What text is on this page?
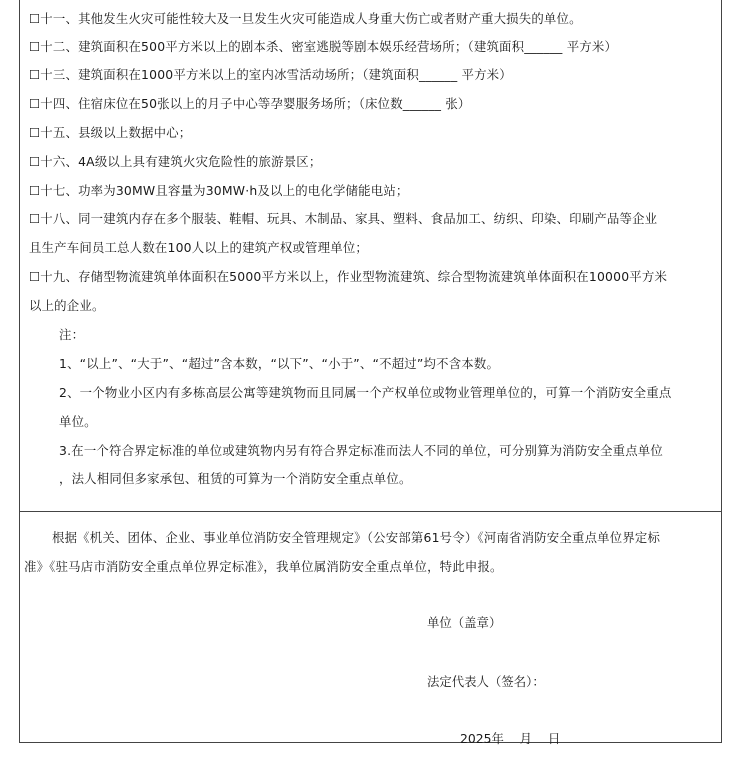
☐十一、其他发生火灾可能性较大及一旦发生火灾可能造成人身重大伤亡或者财产重大损失的单位。
☐十二、建筑面积在500平方米以上的剧本杀、密室逃脱等剧本娱乐经营场所；（建筑面积______ 平方米）
☐十三、建筑面积在1000平方米以上的室内冰雪活动场所；（建筑面积______ 平方米）
☐十四、住宿床位在50张以上的月子中心等孕婴服务场所；（床位数______ 张）
☐十五、县级以上数据中心；
☐十六、4A级以上具有建筑火灾危险性的旅游景区；
☐十七、功率为30MW且容量为30MW·h及以上的电化学储能电站；
☐十八、同一建筑内存在多个服装、鞋帽、玩具、木制品、家具、塑料、食品加工、纺织、印染、印刷产品等企业
且生产车间员工总人数在100人以上的建筑产权或管理单位；
☐十九、存储型物流建筑单体面积在5000平方米以上，作业型物流建筑、综合型物流建筑单体面积在10000平方米
以上的企业。
注：
1、“以上”、“大于”、“超过”含本数，“以下”、“小于”、“不超过”均不含本数。
2、一个物业小区内有多栋高层公寓等建筑物而且同属一个产权单位或物业管理单位的，可算一个消防安全重点
单位。
3.在一个符合界定标准的单位或建筑物内另有符合界定标准而法人不同的单位，可分别算为消防安全重点单位
，法人相同但多家承包、租赁的可算为一个消防安全重点单位。
根据《机关、团体、企业、事业单位消防安全管理规定》（公安部第61号令）《河南省消防安全重点单位界定标
准》《驻马店市消防安全重点单位界定标准》，我单位属消防安全重点单位，特此申报。
单位（盖章）
法定代表人（签名）：
2025年    月    日
